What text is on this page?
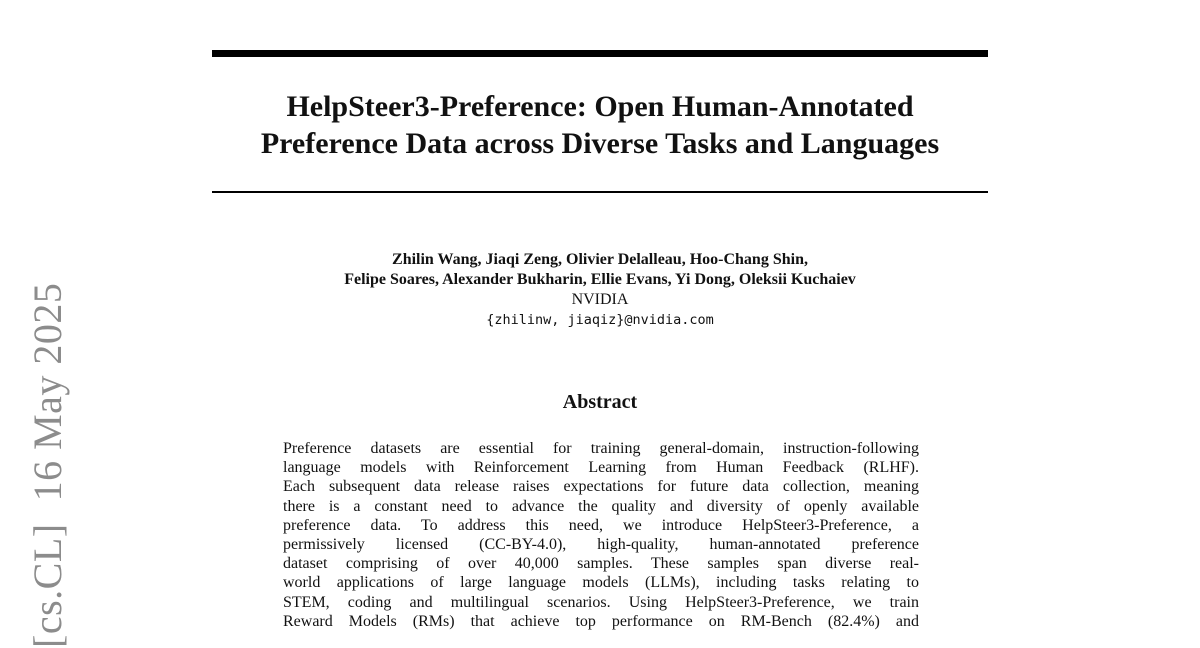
[cs.CL]16 May 2025
HelpSteer3-Preference: Open Human-Annotated
Preference Data across Diverse Tasks and Languages
Zhilin Wang, Jiaqi Zeng, Olivier Delalleau, Hoo-Chang Shin,
Felipe Soares, Alexander Bukharin, Ellie Evans, Yi Dong, Oleksii Kuchaiev
NVIDIA
{zhilinw, jiaqiz}@nvidia.com
Abstract
Preference datasets are essential for training general-domain, instruction-following
language models with Reinforcement Learning from Human Feedback (RLHF).
Each subsequent data release raises expectations for future data collection, meaning
there is a constant need to advance the quality and diversity of openly available
preference data. To address this need, we introduce HelpSteer3-Preference, a
permissively licensed (CC-BY-4.0), high-quality, human-annotated preference
dataset comprising of over 40,000 samples. These samples span diverse real-
world applications of large language models (LLMs), including tasks relating to
STEM, coding and multilingual scenarios. Using HelpSteer3-Preference, we train
Reward Models (RMs) that achieve top performance on RM-Bench (82.4%) and
